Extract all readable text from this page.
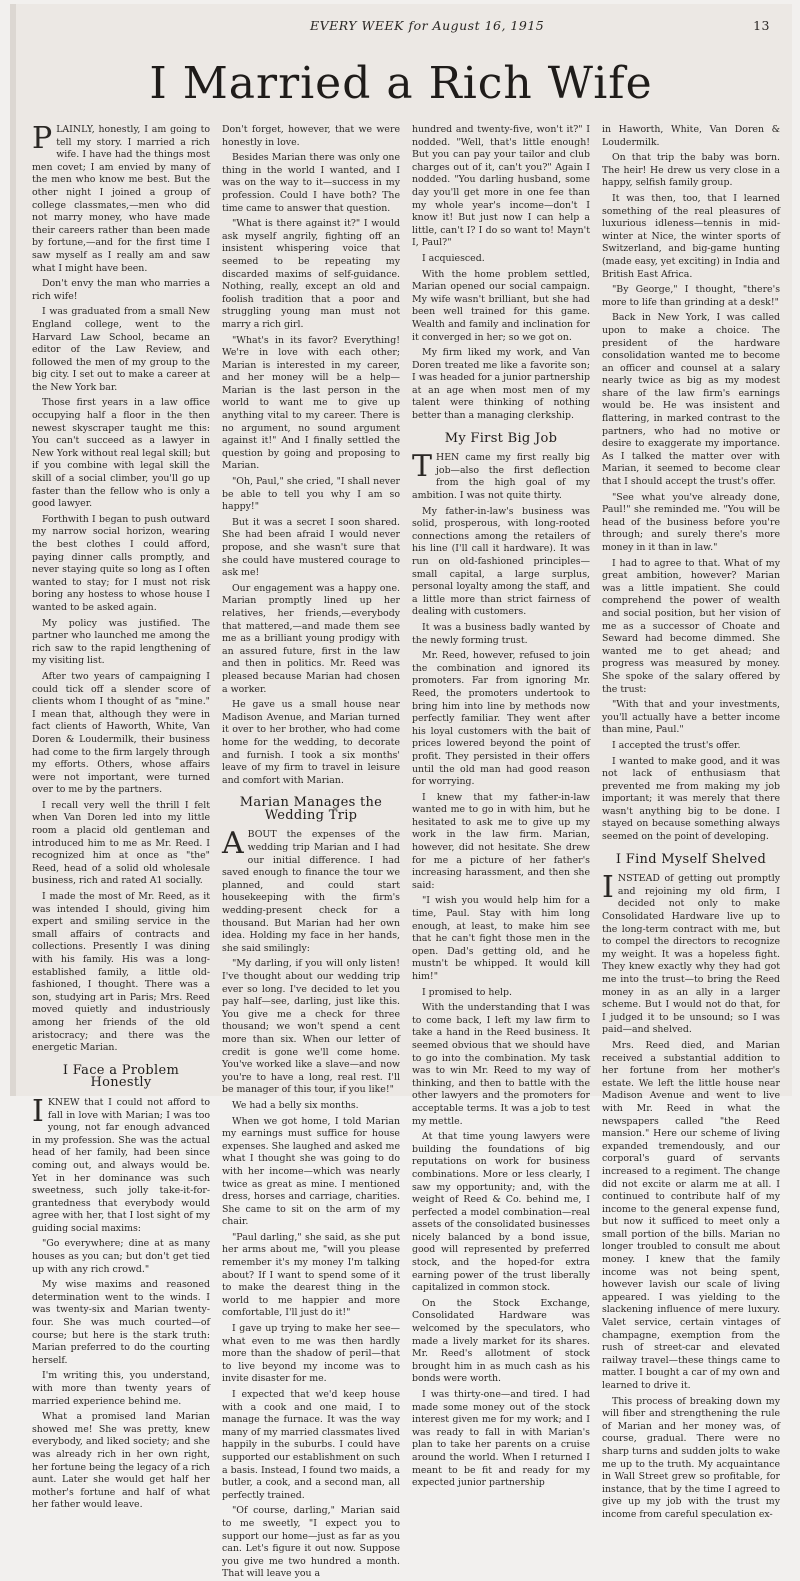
EVERY WEEK for August 16, 1915	13
I Married a Rich Wife

PLAINLY, honestly, I am going to tell my story. I married a rich wife. I have had the things most men covet; I am envied by many of the men who know me best. But the other night I joined a group of college classmates,—men who did not marry money, who have made their careers rather than been made by fortune,—and for the first time I saw myself as I really am and saw what I might have been.

Don't envy the man who marries a rich wife!

I was graduated from a small New England college, went to the Harvard Law School, became an editor of the Law Review, and followed the men of my group to the big city. I set out to make a career at the New York bar.

Those first years in a law office occupying half a floor in the then newest skyscraper taught me this: You can't succeed as a lawyer in New York without real legal skill; but if you combine with legal skill the skill of a social climber, you'll go up faster than the fellow who is only a good lawyer.

Forthwith I began to push outward my narrow social horizon, wearing the best clothes I could afford, paying dinner calls promptly, and never staying quite so long as I often wanted to stay; for I must not risk boring any hostess to whose house I wanted to be asked again.

My policy was justified. The partner who launched me among the rich saw to the rapid lengthening of my visiting list.

After two years of campaigning I could tick off a slender score of clients whom I thought of as "mine." I mean that, although they were in fact clients of Haworth, White, Van Doren & Loudermilk, their business had come to the firm largely through my efforts. Others, whose affairs were not important, were turned over to me by the partners.

I recall very well the thrill I felt when Van Doren led into my little room a placid old gentleman and introduced him to me as Mr. Reed. I recognized him at once as "the" Reed, head of a solid old wholesale business, rich and rated A1 socially.

I made the most of Mr. Reed, as it was intended I should, giving him expert and smiling service in the small affairs of contracts and collections. Presently I was dining with his family. His was a long-established family, a little old-fashioned, I thought. There was a son, studying art in Paris; Mrs. Reed moved quietly and industriously among her friends of the old aristocracy; and there was the energetic Marian.

I Face a Problem Honestly

IKNEW that I could not afford to fall in love with Marian; I was too young, not far enough advanced in my profession. She was the actual head of her family, had been since coming out, and always would be. Yet in her dominance was such sweetness, such jolly take-it-for-grantedness that everybody would agree with her, that I lost sight of my guiding social maxims:

"Go everywhere; dine at as many houses as you can; but don't get tied up with any rich crowd."

My wise maxims and reasoned determination went to the winds. I was twenty-six and Marian twenty-four. She was much courted—of course; but here is the stark truth: Marian preferred to do the courting herself.

I'm writing this, you understand, with more than twenty years of married experience behind me.

What a promised land Marian showed me! She was pretty, knew everybody, and liked society; and she was already rich in her own right, her fortune being the legacy of a rich aunt. Later she would get half her mother's fortune and half of what her father would leave.

Don't forget, however, that we were honestly in love.

Besides Marian there was only one thing in the world I wanted, and I was on the way to it—success in my profession. Could I have both? The time came to answer that question.

"What is there against it?" I would ask myself angrily, fighting off an insistent whispering voice that seemed to be repeating my discarded maxims of self-guidance. Nothing, really, except an old and foolish tradition that a poor and struggling young man must not marry a rich girl.

"What's in its favor? Everything! We're in love with each other; Marian is interested in my career, and her money will be a help—Marian is the last person in the world to want me to give up anything vital to my career. There is no argument, no sound argument against it!" And I finally settled the question by going and proposing to Marian.

"Oh, Paul," she cried, "I shall never be able to tell you why I am so happy!"

But it was a secret I soon shared. She had been afraid I would never propose, and she wasn't sure that she could have mustered courage to ask me!

Our engagement was a happy one. Marian promptly lined up her relatives, her friends,—everybody that mattered,—and made them see me as a brilliant young prodigy with an assured future, first in the law and then in politics. Mr. Reed was pleased because Marian had chosen a worker.

He gave us a small house near Madison Avenue, and Marian turned it over to her brother, who had come home for the wedding, to decorate and furnish. I took a six months' leave of my firm to travel in leisure and comfort with Marian.

Marian Manages the Wedding Trip

ABOUT the expenses of the wedding trip Marian and I had our initial difference. I had saved enough to finance the tour we planned, and could start housekeeping with the firm's wedding-present check for a thousand. But Marian had her own idea. Holding my face in her hands, she said smilingly:

"My darling, if you will only listen! I've thought about our wedding trip ever so long. I've decided to let you pay half—see, darling, just like this. You give me a check for three thousand; we won't spend a cent more than six. When our letter of credit is gone we'll come home. You've worked like a slave—and now you're to have a long, real rest. I'll be manager of this tour, if you like!"

We had a belly six months.

When we got home, I told Marian my earnings must suffice for house expenses. She laughed and asked me what I thought she was going to do with her income—which was nearly twice as great as mine. I mentioned dress, horses and carriage, charities. She came to sit on the arm of my chair.

"Paul darling," she said, as she put her arms about me, "will you please remember it's my money I'm talking about? If I want to spend some of it to make the dearest thing in the world to me happier and more comfortable, I'll just do it!"

I gave up trying to make her see—what even to me was then hardly more than the shadow of peril—that to live beyond my income was to invite disaster for me.

I expected that we'd keep house with a cook and one maid, I to manage the furnace. It was the way many of my married classmates lived happily in the suburbs. I could have supported our establishment on such a basis. Instead, I found two maids, a butler, a cook, and a second man, all perfectly trained.

"Of course, darling," Marian said to me sweetly, "I expect you to support our home—just as far as you can. Let's figure it out now. Suppose you give me two hundred a month. That will leave you a

hundred and twenty-five, won't it?" I nodded. "Well, that's little enough! But you can pay your tailor and club charges out of it, can't you?" Again I nodded. "You darling husband, some day you'll get more in one fee than my whole year's income—don't I know it! But just now I can help a little, can't I? I do so want to! Mayn't I, Paul?"

I acquiesced.

With the home problem settled, Marian opened our social campaign. My wife wasn't brilliant, but she had been well trained for this game. Wealth and family and inclination for it converged in her; so we got on.

My firm liked my work, and Van Doren treated me like a favorite son; I was headed for a junior partnership at an age when most men of my talent were thinking of nothing better than a managing clerkship.

My First Big Job

THEN came my first really big job—also the first deflection from the high goal of my ambition. I was not quite thirty.

My father-in-law's business was solid, prosperous, with long-rooted connections among the retailers of his line (I'll call it hardware). It was run on old-fashioned principles—small capital, a large surplus, personal loyalty among the staff, and a little more than strict fairness of dealing with customers.

It was a business badly wanted by the newly forming trust.

Mr. Reed, however, refused to join the combination and ignored its promoters. Far from ignoring Mr. Reed, the promoters undertook to bring him into line by methods now perfectly familiar. They went after his loyal customers with the bait of prices lowered beyond the point of profit. They persisted in their offers until the old man had good reason for worrying.

I knew that my father-in-law wanted me to go in with him, but he hesitated to ask me to give up my work in the law firm. Marian, however, did not hesitate. She drew for me a picture of her father's increasing harassment, and then she said:

"I wish you would help him for a time, Paul. Stay with him long enough, at least, to make him see that he can't fight those men in the open. Dad's getting old, and he mustn't be whipped. It would kill him!"

I promised to help.

With the understanding that I was to come back, I left my law firm to take a hand in the Reed business. It seemed obvious that we should have to go into the combination. My task was to win Mr. Reed to my way of thinking, and then to battle with the other lawyers and the promoters for acceptable terms. It was a job to test my mettle.

At that time young lawyers were building the foundations of big reputations on work for business combinations. More or less clearly, I saw my opportunity; and, with the weight of Reed & Co. behind me, I perfected a model combination—real assets of the consolidated businesses nicely balanced by a bond issue, good will represented by preferred stock, and the hoped-for extra earning power of the trust liberally capitalized in common stock.

On the Stock Exchange, Consolidated Hardware was welcomed by the speculators, who made a lively market for its shares. Mr. Reed's allotment of stock brought him in as much cash as his bonds were worth.

I was thirty-one—and tired. I had made some money out of the stock interest given me for my work; and I was ready to fall in with Marian's plan to take her parents on a cruise around the world. When I returned I meant to be fit and ready for my expected junior partnership

in Haworth, White, Van Doren & Loudermilk.

On that trip the baby was born. The heir! He drew us very close in a happy, selfish family group.

It was then, too, that I learned something of the real pleasures of luxurious idleness—tennis in mid-winter at Nice, the winter sports of Switzerland, and big-game hunting (made easy, yet exciting) in India and British East Africa.

"By George," I thought, "there's more to life than grinding at a desk!"

Back in New York, I was called upon to make a choice. The president of the hardware consolidation wanted me to become an officer and counsel at a salary nearly twice as big as my modest share of the law firm's earnings would be. He was insistent and flattering, in marked contrast to the partners, who had no motive or desire to exaggerate my importance. As I talked the matter over with Marian, it seemed to become clear that I should accept the trust's offer.

"See what you've already done, Paul!" she reminded me. "You will be head of the business before you're through; and surely there's more money in it than in law."

I had to agree to that. What of my great ambition, however? Marian was a little impatient. She could comprehend the power of wealth and social position, but her vision of me as a successor of Choate and Seward had become dimmed. She wanted me to get ahead; and progress was measured by money. She spoke of the salary offered by the trust:

"With that and your investments, you'll actually have a better income than mine, Paul."

I accepted the trust's offer.

I wanted to make good, and it was not lack of enthusiasm that prevented me from making my job important; it was merely that there wasn't anything big to be done. I stayed on because something always seemed on the point of developing.

I Find Myself Shelved

INSTEAD of getting out promptly and rejoining my old firm, I decided not only to make Consolidated Hardware live up to the long-term contract with me, but to compel the directors to recognize my weight. It was a hopeless fight. They knew exactly why they had got me into the trust—to bring the Reed money in as an ally in a larger scheme. But I would not do that, for I judged it to be unsound; so I was paid—and shelved.

Mrs. Reed died, and Marian received a substantial addition to her fortune from her mother's estate. We left the little house near Madison Avenue and went to live with Mr. Reed in what the newspapers called "the Reed mansion." Here our scheme of living expanded tremendously, and our corporal's guard of servants increased to a regiment. The change did not excite or alarm me at all. I continued to contribute half of my income to the general expense fund, but now it sufficed to meet only a small portion of the bills. Marian no longer troubled to consult me about money. I knew that the family income was not being spent, however lavish our scale of living appeared. I was yielding to the slackening influence of mere luxury. Valet service, certain vintages of champagne, exemption from the rush of street-car and elevated railway travel—these things came to matter. I bought a car of my own and learned to drive it.

This process of breaking down my will fiber and strengthening the rule of Marian and her money was, of course, gradual. There were no sharp turns and sudden jolts to wake me up to the truth. My acquaintance in Wall Street grew so profitable, for instance, that by the time I agreed to give up my job with the trust my income from careful speculation ex-
